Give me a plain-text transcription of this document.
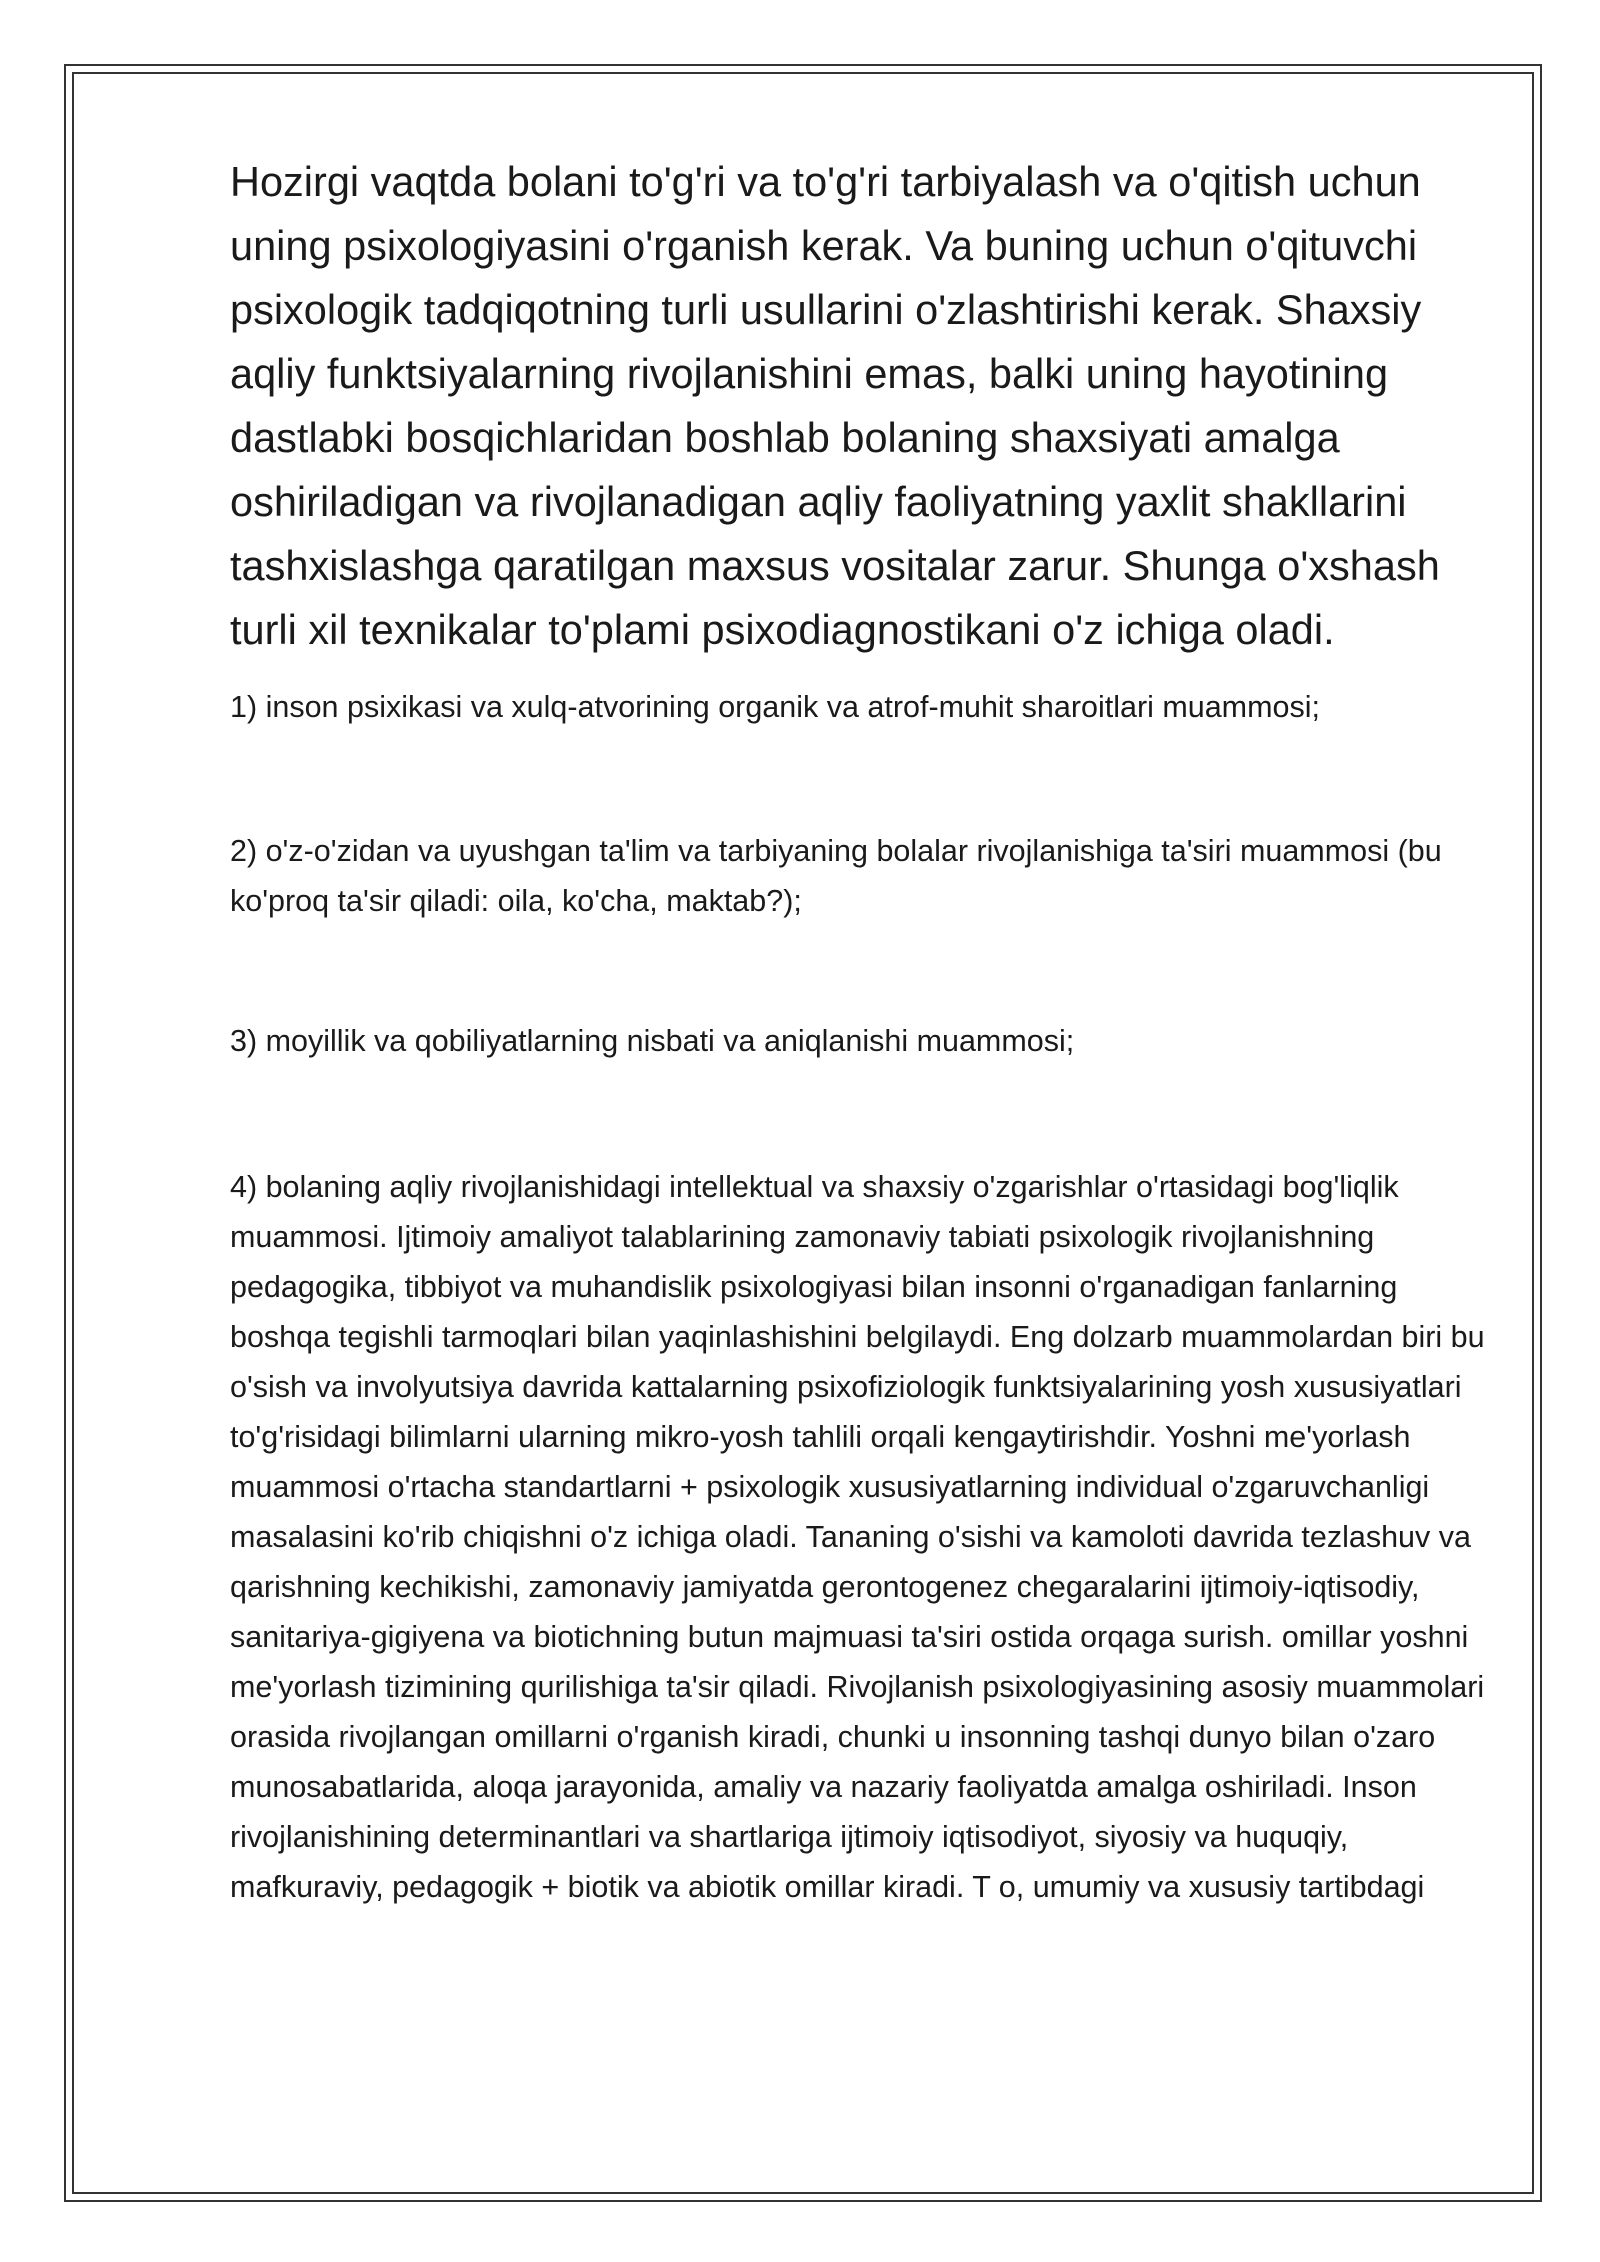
Hozirgi vaqtda bolani to'g'ri va to'g'ri tarbiyalash va o'qitish uchun uning psixologiyasini o'rganish kerak. Va buning uchun o'qituvchi psixologik tadqiqotning turli usullarini o'zlashtirishi kerak. Shaxsiy aqliy funktsiyalarning rivojlanishini emas, balki uning hayotining dastlabki bosqichlaridan boshlab bolaning shaxsiyati amalga oshiriladigan va rivojlanadigan aqliy faoliyatning yaxlit shakllarini tashxislashga qaratilgan maxsus vositalar zarur. Shunga o'xshash turli xil texnikalar to'plami psixodiagnostikani o'z ichiga oladi.

1) inson psixikasi va xulq-atvorining organik va atrof-muhit sharoitlari muammosi;

2) o'z-o'zidan va uyushgan ta'lim va tarbiyaning bolalar rivojlanishiga ta'siri muammosi (bu ko'proq ta'sir qiladi: oila, ko'cha, maktab?);

3) moyillik va qobiliyatlarning nisbati va aniqlanishi muammosi;

4) bolaning aqliy rivojlanishidagi intellektual va shaxsiy o'zgarishlar o'rtasidagi bog'liqlik muammosi. Ijtimoiy amaliyot talablarining zamonaviy tabiati psixologik rivojlanishning pedagogika, tibbiyot va muhandislik psixologiyasi bilan insonni o'rganadigan fanlarning boshqa tegishli tarmoqlari bilan yaqinlashishini belgilaydi. Eng dolzarb muammolardan biri bu o'sish va involyutsiya davrida kattalarning psixofiziologik funktsiyalarining yosh xususiyatlari to'g'risidagi bilimlarni ularning mikro-yosh tahlili orqali kengaytirishdir. Yoshni me'yorlash muammosi o'rtacha standartlarni + psixologik xususiyatlarning individual o'zgaruvchanligi masalasini ko'rib chiqishni o'z ichiga oladi. Tananing o'sishi va kamoloti davrida tezlashuv va qarishning kechikishi, zamonaviy jamiyatda gerontogenez chegaralarini ijtimoiy-iqtisodiy, sanitariya-gigiyena va biotichning butun majmuasi ta'siri ostida orqaga surish. omillar yoshni me'yorlash tizimining qurilishiga ta'sir qiladi. Rivojlanish psixologiyasining asosiy muammolari orasida rivojlangan omillarni o'rganish kiradi, chunki u insonning tashqi dunyo bilan o'zaro munosabatlarida, aloqa jarayonida, amaliy va nazariy faoliyatda amalga oshiriladi. Inson rivojlanishining determinantlari va shartlariga ijtimoiy iqtisodiyot, siyosiy va huquqiy, mafkuraviy, pedagogik + biotik va abiotik omillar kiradi. T o, umumiy va xususiy tartibdagi
